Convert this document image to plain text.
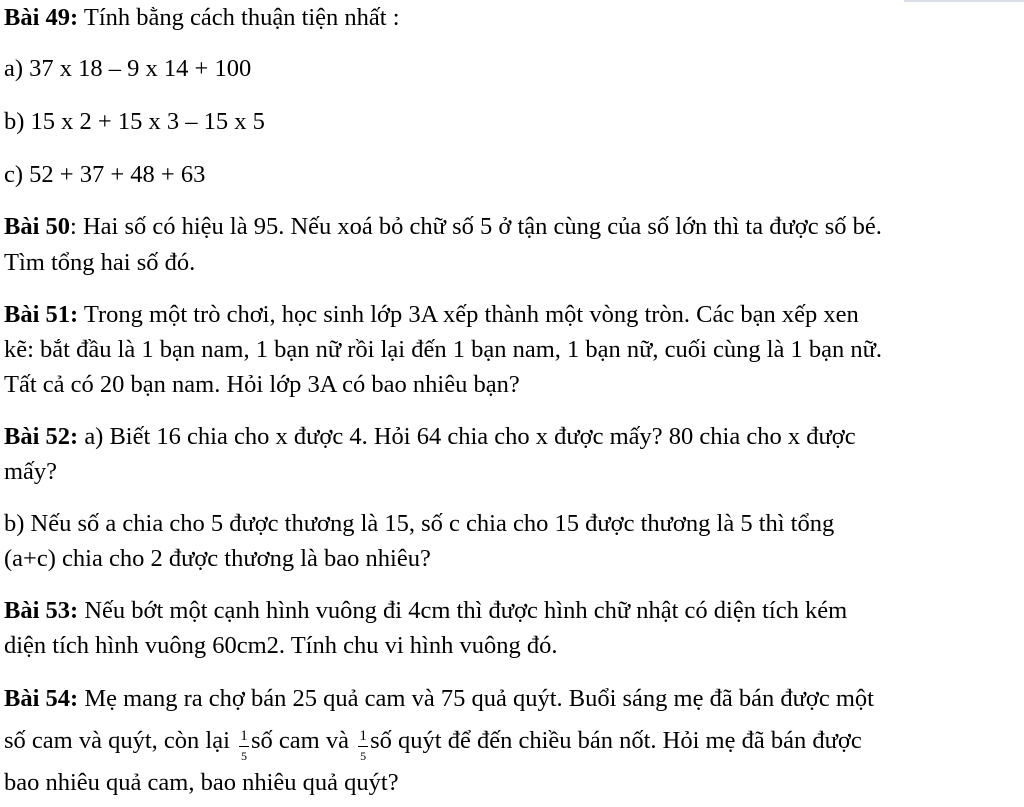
Bài 49: Tính bằng cách thuận tiện nhất :
a) 37 x 18 – 9 x 14 + 100
b) 15 x 2 + 15 x 3 – 15 x 5
c) 52 + 37 + 48 + 63
Bài 50: Hai số có hiệu là 95. Nếu xoá bỏ chữ số 5 ở tận cùng của số lớn thì ta được số bé.
Tìm tổng hai số đó.
Bài 51: Trong một trò chơi, học sinh lớp 3A xếp thành một vòng tròn. Các bạn xếp xen
kẽ: bắt đầu là 1 bạn nam, 1 bạn nữ rồi lại đến 1 bạn nam, 1 bạn nữ, cuối cùng là 1 bạn nữ.
Tất cả có 20 bạn nam. Hỏi lớp 3A có bao nhiêu bạn?
Bài 52: a) Biết 16 chia cho x được 4. Hỏi 64 chia cho x được mấy? 80 chia cho x được
mấy?
b) Nếu số a chia cho 5 được thương là 15, số c chia cho 15 được thương là 5 thì tổng
(a+c) chia cho 2 được thương là bao nhiêu?
Bài 53: Nếu bớt một cạnh hình vuông đi 4cm thì được hình chữ nhật có diện tích kém
diện tích hình vuông 60cm2. Tính chu vi hình vuông đó.
Bài 54: Mẹ mang ra chợ bán 25 quả cam và 75 quả quýt. Buổi sáng mẹ đã bán được một
số cam và quýt, còn lại $\frac{1}{5}$ số cam và $\frac{1}{5}$ số quýt để đến chiều bán nốt. Hỏi mẹ đã bán được
bao nhiêu quả cam, bao nhiêu quả quýt?
